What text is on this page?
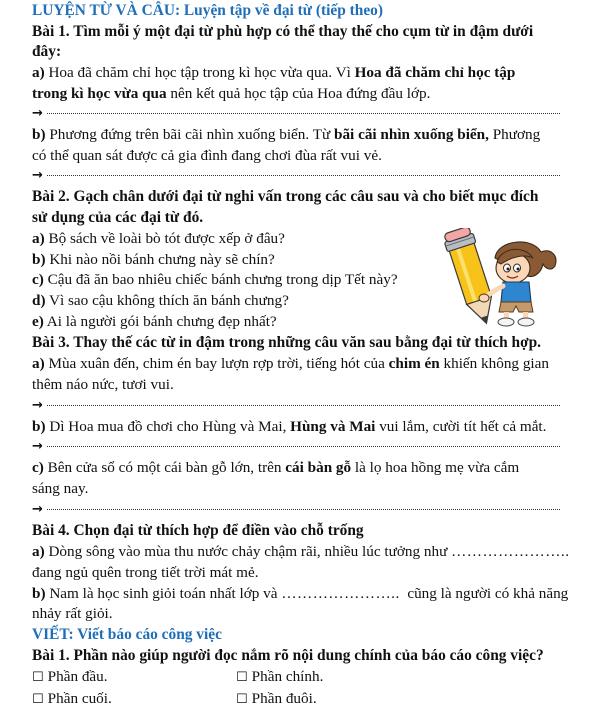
LUYỆN TỪ VÀ CÂU: Luyện tập về đại từ (tiếp theo)
Bài 1. Tìm mỗi ý một đại từ phù hợp có thể thay thế cho cụm từ in đậm dưới
đây:
a) Hoa đã chăm chỉ học tập trong kì học vừa qua. Vì Hoa đã chăm chỉ học tập
trong kì học vừa qua nên kết quả học tập của Hoa đứng đầu lớp.
→
b) Phương đứng trên bãi cãi nhìn xuống biển. Từ bãi cãi nhìn xuống biển, Phương
có thể quan sát được cả gia đình đang chơi đùa rất vui vẻ.
→
Bài 2. Gạch chân dưới đại từ nghi vấn trong các câu sau và cho biết mục đích
sử dụng của các đại từ đó.
a) Bộ sách về loài bò tót được xếp ở đâu?
b) Khi nào nồi bánh chưng này sẽ chín?
c) Cậu đã ăn bao nhiêu chiếc bánh chưng trong dịp Tết này?
d) Vì sao cậu không thích ăn bánh chưng?
e) Ai là người gói bánh chưng đẹp nhất?
Bài 3. Thay thế các từ in đậm trong những câu văn sau bằng đại từ thích hợp.
a) Mùa xuân đến, chim én bay lượn rợp trời, tiếng hót của chim én khiến không gian
thêm náo nức, tươi vui.
→
b) Dì Hoa mua đồ chơi cho Hùng và Mai, Hùng và Mai vui lắm, cười tít hết cả mắt.
→
c) Bên cửa sổ có một cái bàn gỗ lớn, trên cái bàn gỗ là lọ hoa hồng mẹ vừa cắm
sáng nay.
→
Bài 4. Chọn đại từ thích hợp để điền vào chỗ trống
a) Dòng sông vào mùa thu nước chảy chậm rãi, nhiều lúc tưởng như …………………..
đang ngủ quên trong tiết trời mát mẻ.
b) Nam là học sinh giỏi toán nhất lớp và …………………..  cũng là người có khả năng
nhảy rất giỏi.
VIẾT: Viết báo cáo công việc
Bài 1. Phần nào giúp người đọc nắm rõ nội dung chính của báo cáo công việc?
☐ Phần đầu.	☐ Phần chính.
☐ Phần cuối.	☐ Phần đuôi.
